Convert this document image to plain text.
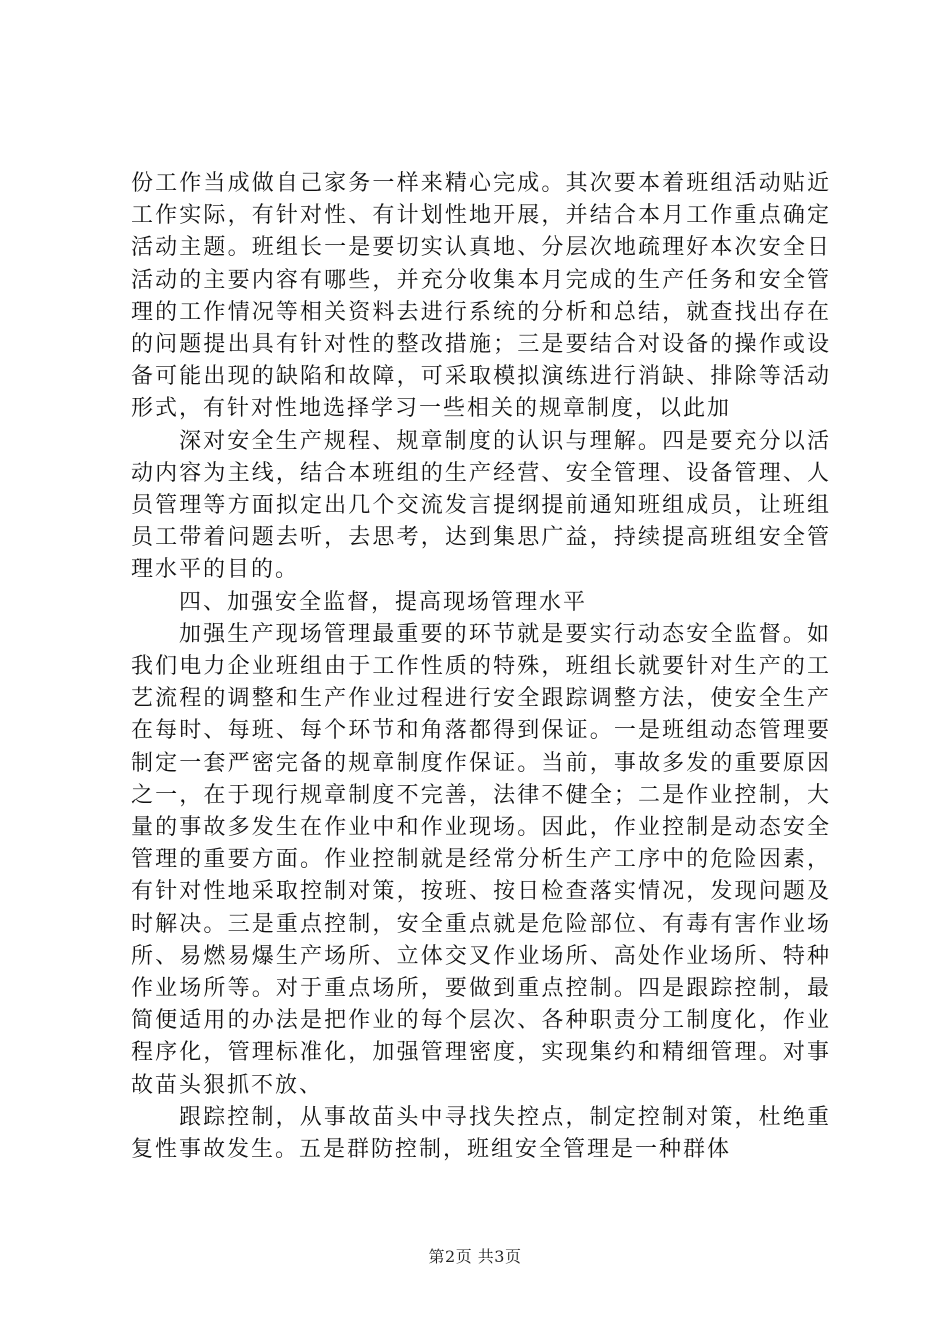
份工作当成做自己家务一样来精心完成。其次要本着班组活动贴近工作实际，有针对性、有计划性地开展，并结合本月工作重点确定活动主题。班组长一是要切实认真地、分层次地疏理好本次安全日活动的主要内容有哪些，并充分收集本月完成的生产任务和安全管理的工作情况等相关资料去进行系统的分析和总结，就查找出存在的问题提出具有针对性的整改措施；三是要结合对设备的操作或设备可能出现的缺陷和故障，可采取模拟演练进行消缺、排除等活动形式，有针对性地选择学习一些相关的规章制度，以此加

深对安全生产规程、规章制度的认识与理解。四是要充分以活动内容为主线，结合本班组的生产经营、安全管理、设备管理、人员管理等方面拟定出几个交流发言提纲提前通知班组成员，让班组员工带着问题去听，去思考，达到集思广益，持续提高班组安全管理水平的目的。

四、加强安全监督，提高现场管理水平

加强生产现场管理最重要的环节就是要实行动态安全监督。如我们电力企业班组由于工作性质的特殊，班组长就要针对生产的工艺流程的调整和生产作业过程进行安全跟踪调整方法，使安全生产在每时、每班、每个环节和角落都得到保证。一是班组动态管理要制定一套严密完备的规章制度作保证。当前，事故多发的重要原因之一，在于现行规章制度不完善，法律不健全；二是作业控制，大量的事故多发生在作业中和作业现场。因此，作业控制是动态安全管理的重要方面。作业控制就是经常分析生产工序中的危险因素，有针对性地采取控制对策，按班、按日检查落实情况，发现问题及时解决。三是重点控制，安全重点就是危险部位、有毒有害作业场所、易燃易爆生产场所、立体交叉作业场所、高处作业场所、特种作业场所等。对于重点场所，要做到重点控制。四是跟踪控制，最简便适用的办法是把作业的每个层次、各种职责分工制度化，作业程序化，管理标准化，加强管理密度，实现集约和精细管理。对事故苗头狠抓不放、

跟踪控制，从事故苗头中寻找失控点，制定控制对策，杜绝重复性事故发生。五是群防控制，班组安全管理是一种群体

第2页 共3页
